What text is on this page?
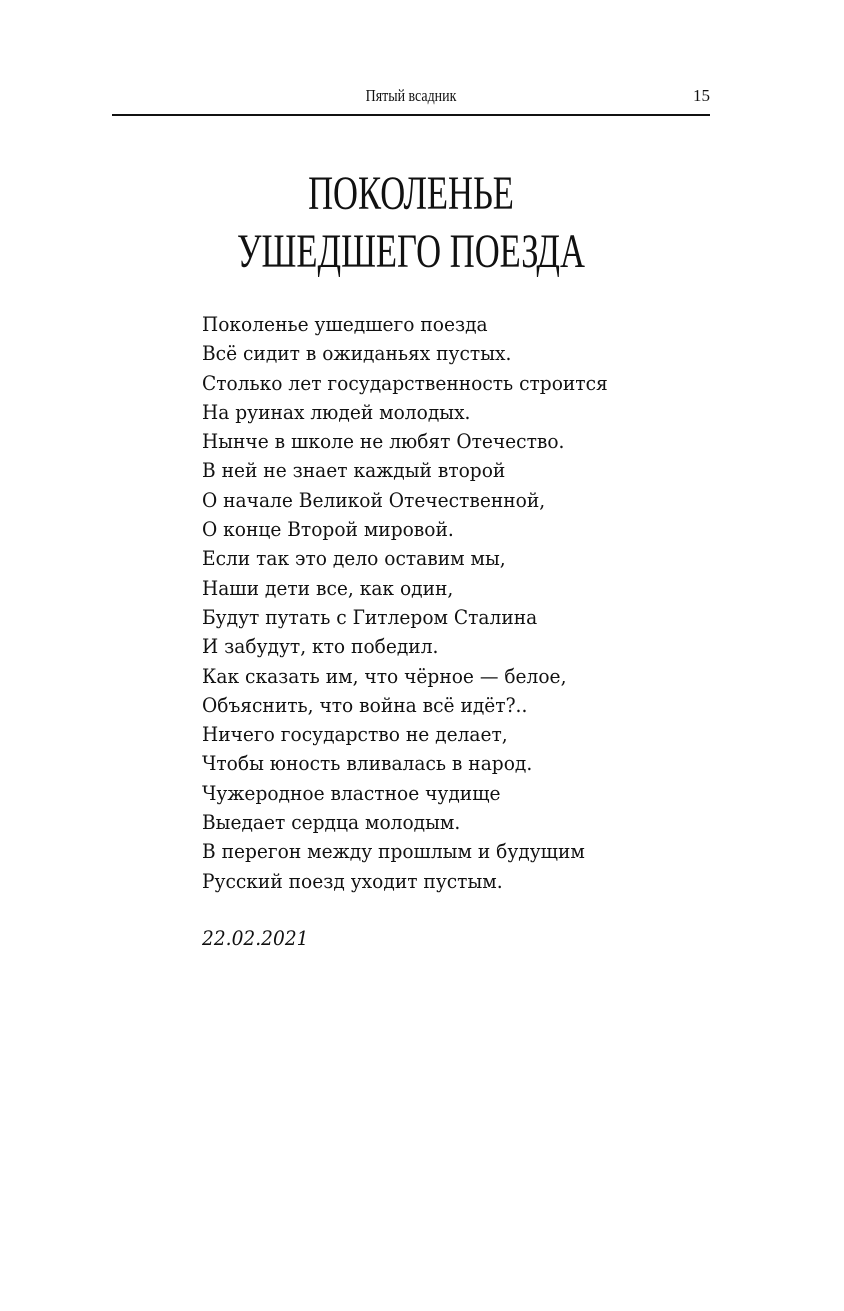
Пятый всадник	15
ПОКОЛЕНЬЕ
УШЕДШЕГО ПОЕЗДА
Поколенье ушедшего поезда
Всё сидит в ожиданьях пустых.
Столько лет государственность строится
На руинах людей молодых.
Нынче в школе не любят Отечество.
В ней не знает каждый второй
О начале Великой Отечественной,
О конце Второй мировой.
Если так это дело оставим мы,
Наши дети все, как один,
Будут путать с Гитлером Сталина
И забудут, кто победил.
Как сказать им, что чёрное — белое,
Объяснить, что война всё идёт?..
Ничего государство не делает,
Чтобы юность вливалась в народ.
Чужеродное властное чудище
Выедает сердца молодым.
В перегон между прошлым и будущим
Русский поезд уходит пустым.
22.02.2021
